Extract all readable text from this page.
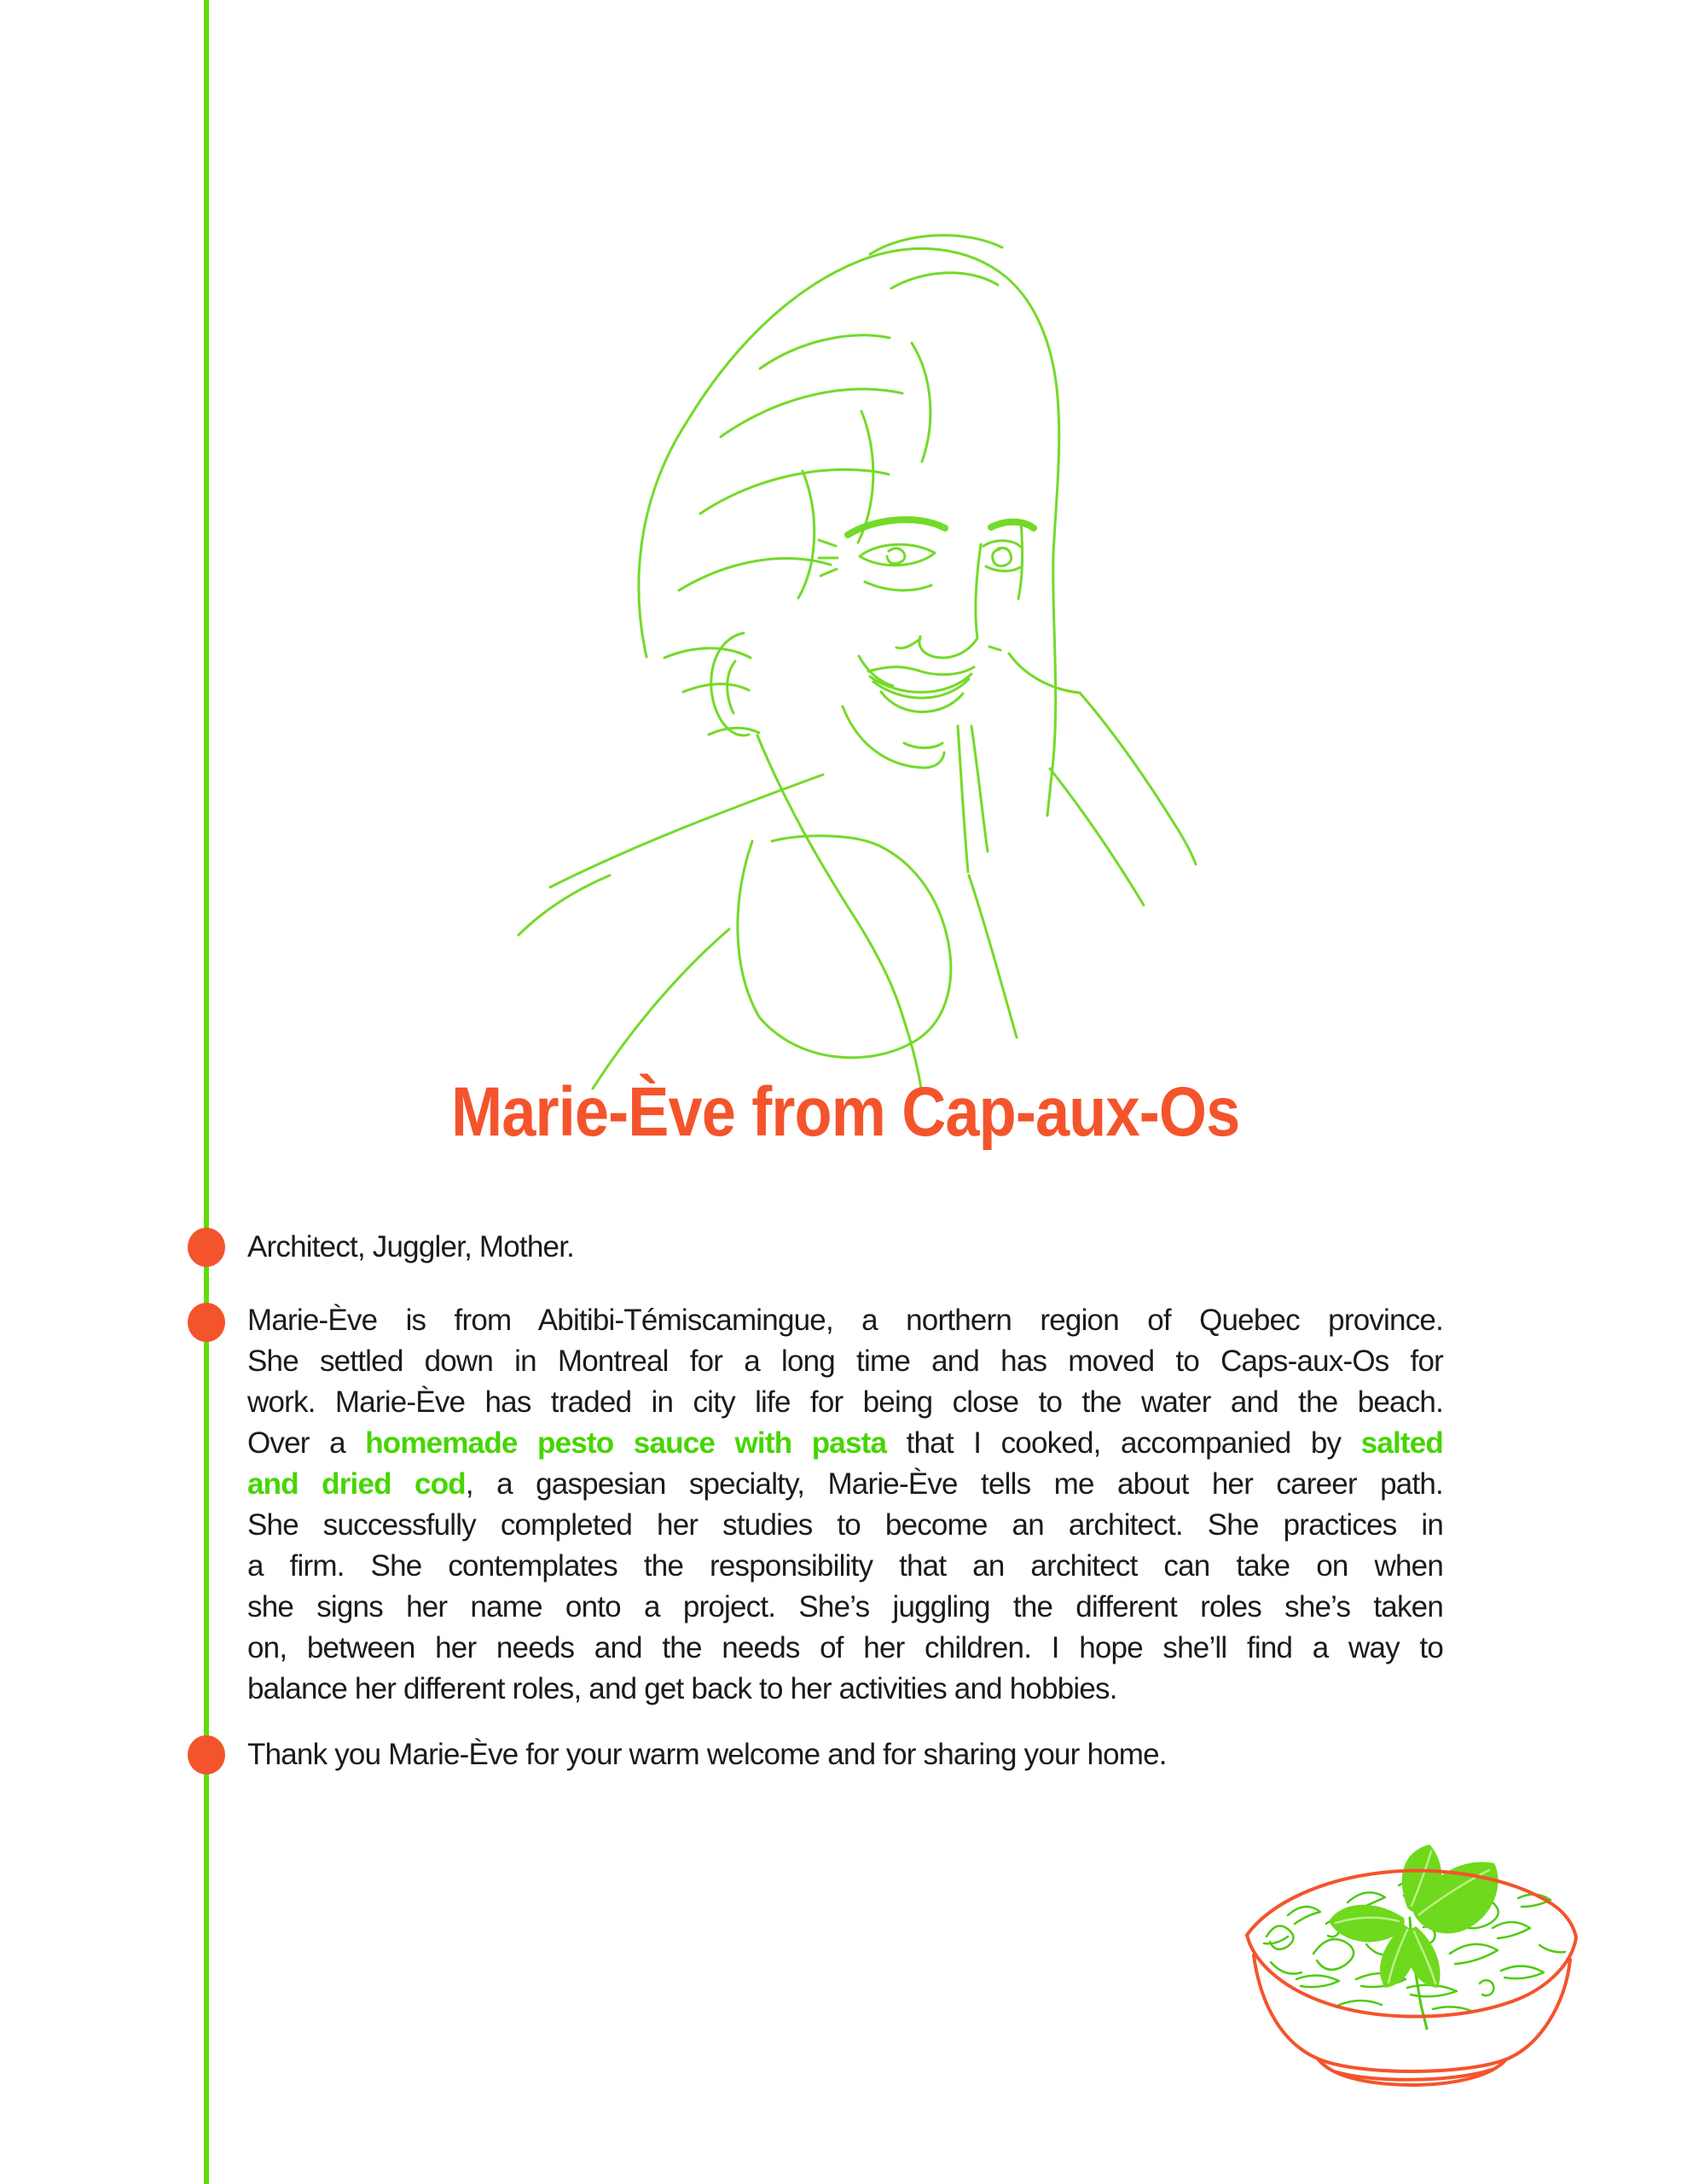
Marie-Ève from Cap-aux-Os
Architect, Juggler, Mother.
Marie-Ève is from Abitibi-Témiscamingue, a northern region of Quebec province.
She settled down in Montreal for a long time and has moved to Caps-aux-Os for
work. Marie-Ève has traded in city life for being close to the water and the beach.
Over a homemade pesto sauce with pasta that I cooked, accompanied by salted
and dried cod, a gaspesian specialty, Marie-Ève tells me about her career path.
She successfully completed her studies to become an architect. She practices in
a firm. She contemplates the responsibility that an architect can take on when
she signs her name onto a project. She’s juggling the different roles she’s taken
on, between her needs and the needs of her children. I hope she’ll find a way to
balance her different roles, and get back to her activities and hobbies.
Thank you Marie-Ève for your warm welcome and for sharing your home.
